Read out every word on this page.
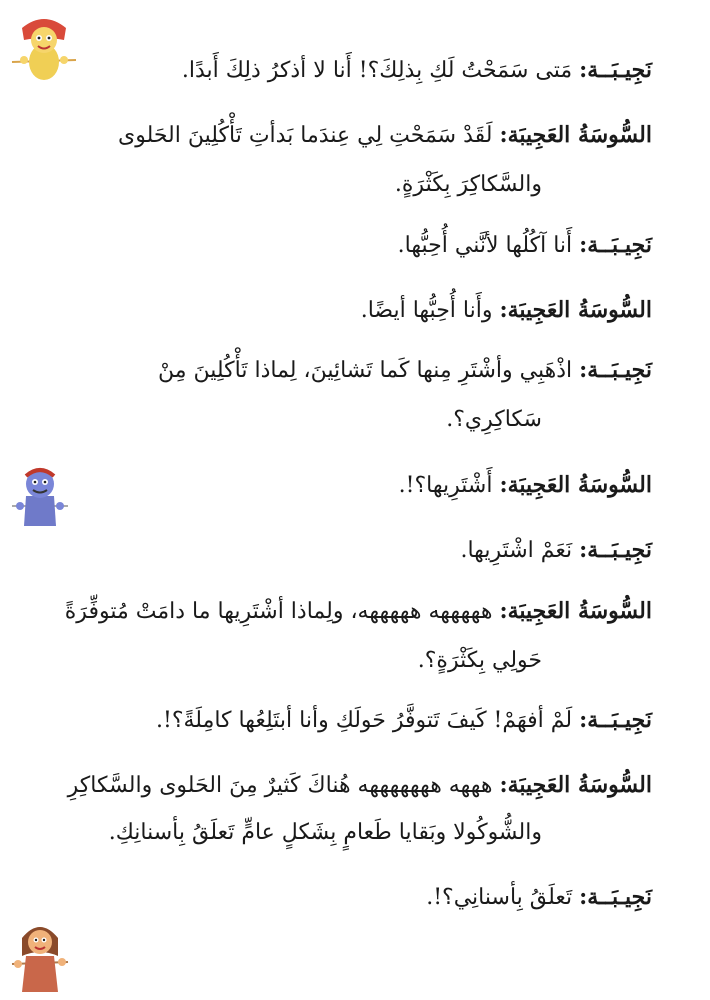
نَجِيـبَــة: مَتى سَمَحْتُ لَكِ بِذلِكَ؟! أَنا لا أذكرُ ذلِكَ أَبدًا.
السُّوسَةُ العَجِيبَة: لَقَدْ سَمَحْتِ لِي عِندَما بَدأتِ تَأْكُلِينَ الحَلوى
والسَّكاكِرَ بِكَثْرَةٍ.
نَجِيـبَــة: أَنا آكُلُها لأنَّني أُحِبُّها.
السُّوسَةُ العَجِيبَة: وأَنا أُحِبُّها أيضًا.
نَجِيـبَــة: اذْهَبِي وأشْتَرِ مِنها كَما تَشائِينَ، لِماذا تَأْكُلِينَ مِنْ
سَكاكِرِي؟.
السُّوسَةُ العَجِيبَة: أَشْتَرِيها؟!.
نَجِيـبَــة: نَعَمْ اشْتَرِيها.
السُّوسَةُ العَجِيبَة: هههههه هههههه، ولِماذا أشْتَرِيها ما دامَتْ مُتوفِّرَةً
حَولِي بِكَثْرَةٍ؟.
نَجِيـبَــة: لَمْ أفهَمْ! كَيفَ تَتوفَّرُ حَولَكِ وأنا أبتَلِعُها كامِلَةً؟!.
السُّوسَةُ العَجِيبَة: هههه هههههههه هُناكَ كَثيرٌ مِنَ الحَلوى والسَّكاكِرِ
والشُّوكُولا وبَقايا طَعامٍ بِشَكلٍ عامٍّ تَعلَقُ بِأسنانِكِ.
نَجِيـبَــة: تَعلَقُ بِأسنانِي؟!.
